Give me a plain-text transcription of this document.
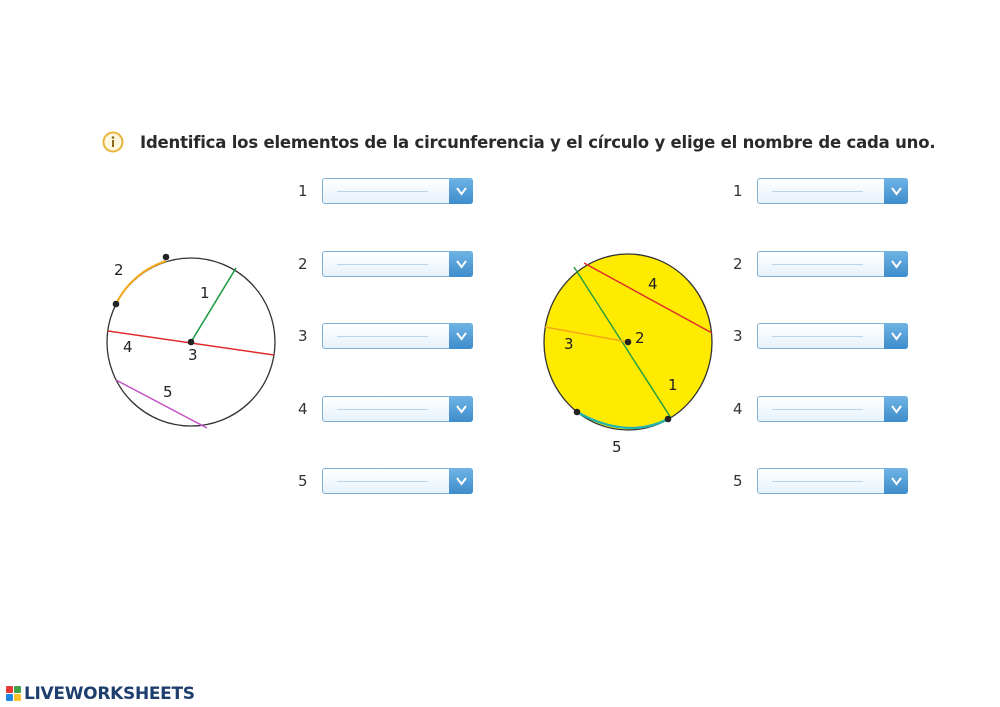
Identifica los elementos de la circunferencia y el círculo y elige el nombre de cada uno.
1
2
3
4
5	1
2
3
4
5
1
2
3
4
5
1
2
3
4
5
LIVEWORKSHEETS
